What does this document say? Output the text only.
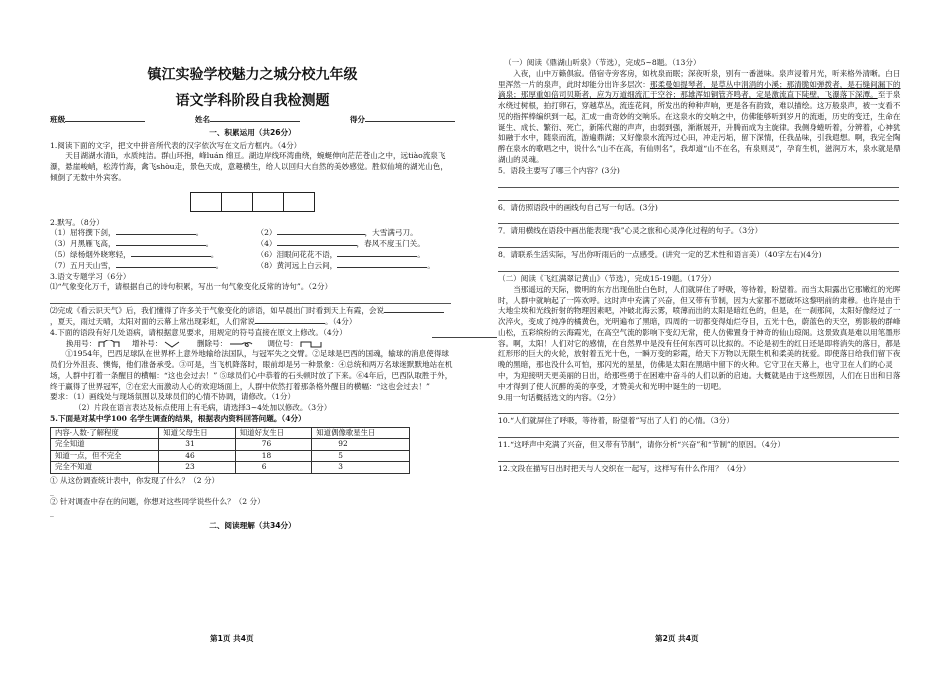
镇江实验学校魅力之城分校九年级
语文学科阶段自我检测题
班级	姓名	得分
一、积累运用（共26分）

1.阅读下面的文字，把文中拼音所代表的汉字依次写在文后方框内。（4分）

天目湖湖水清lì，水质纯洁。群山环抱，峰luán 绵亘。湖边岸线环湾曲绕，蜿蜒伸向茫茫苍山之中，远tiào流泉飞瀑，悬崖峻峭，松涛竹海，禽飞shòu走，景色天成，意趣横生，给人以回归大自然的美妙感觉。胜似仙境的湖光山色，倾倒了无数中外宾客。

2.默写。（8分）

（1）屈将撰下剑，	。	（2）	，大雪满弓刀。
（3）月黑雁飞高，	。	（4）	，春风不度玉门关。
（5）绿杨烟外晓寒轻，	。	（6）泪眼问花花不语，	。
（7）五月天山雪，	。	（8）黄河远上白云间，	。

3.语文专题学习（6分）

⑴“气象变化万千，请根据自己的诗句积累，写出一句气象变化反常的诗句”。（2分）

⑵完成《看云识天气》后，我们懂得了许多关于气象变化的谚语，如早晨出门时看到天上有霞，会说

，夏天，雨过天晴，太阳对面的云幕上常出现彩虹，人们常说	。（4分）

4.下面的语段有好几处语病，请根据意见要求，用规定的符号直接在原文上修改。（4分）

换用号：	增补号：	删除号：	调位号：

①1954年，巴西足球队在世界杯上意外地输给法国队，与冠军失之交臂。②足球是巴西的国魂，输球的消息使得球员们分外沮丧、懊悔，他们准备承受。③可是，当飞机降落时，眼前却是另一种景象：④总统和两万名球迷默默地站在机场，人群中打着一条醒目的横幅：“这也会过去！” ⑤球员们心中恭着的石头顿时放了下来。⑥4年后，巴西队取胜于外，终于赢得了世界冠军，⑦在宏大而激动人心的欢迎场面上，人群中依然打着那条格外醒目的横幅：“这也会过去！”

要求：（1）画线处与现场氛围以及球员们的心情不协调，请修改。（1分）

（2）片段在语言表达及标点使用上有毛病，请选择3~4处加以修改。（3分）

5.下面是对某中学100 名学生调查的结果，根据表内资料回答问题。（4分）

内容·人数·了解程度	知道父母生日	知道好友生日	知道偶像歌星生日
完全知道	31	76	92
知道一点，但不完全	46	18	5
完全不知道	23	6	3

① 从这份调查统计表中，你发现了什么？（2 分）

_

② 针对调查中存在的问题，你想对这些同学说些什么？（2 分）

_

二、阅读理解（共34分）
第1页 共4页

（一）阅读《鼎湖山听泉》（节选），完成5~8题。（13分）

入夜，山中万籁俱寂。借宿寺旁客房，如枕泉而眠；深夜听泉，别有一番滋味。泉声浸着月光，听来格外清晰。白日里浑然一片的泉声，此时却能分出许多层次：那柔曼如提琴者，是草丛中涓涓的小溪；那清脆如弹拨者，是石缝间漏下的滴泉；那厚重如倍司贝斯者，应为万道细流汇于空谷；那雄浑如铜管齐鸣者，定是激流直下陡壁，飞瀑落下深潭。至于泉水绕过树根，拍打卵石，穿越草丛，流连花间，所发出的种种声响，更是各有韵致，难以描绘。这万般泉声，被一支看不见的指挥棒编织到一起，汇成一曲奇妙的交响乐。在这泉水的交响之中，仿佛能够听到岁月的流逝，历史的变迁，生命在诞生、成长、繁衍、死亡，新陈代谢的声声，由弱到强，渐渐展开，升腾而成为主旋律。我侧身蜷听着，分辨着，心神犹如融于水中，随泉而流，游遍鼎湖；又好像泉水流泻过心田，冲走污垢，留下深情，任我品味，引我遐想。啊，我完全陶醉在泉水的歌唱之中，说什么“山不在高，有仙则名”，我却道“山不在名，有泉则灵”，孕育生机，滋润万木，泉水就是鼎湖山的灵魂。

5．语段主要写了哪三个内容？(3分)

6．请仿照语段中的画线句自己写一句话。(3分)

7．请用横线在语段中画出能表现“我”心灵之旅和心灵净化过程的句子。（3分）

8．请联系生活实际，写出你听雨后的一点感受。(讲究一定的艺术性和语言美）（40字左右)(4分)

（二）阅读《飞红满翠记黄山》（节选），完成15-19题。（17分）

当那遥远的天际，微明的东方出现鱼肚白色时，人们就屏住了呼吸，等待着，盼望着。而当太阳露出它那嫩红的光晖时，人群中就响起了一阵欢呼。这时声中充满了兴奋，但又带有节制，因为大家都不愿破坏这黎明前的肃穆。也许是由于大地尘埃和光线折射的物理因素吧，冲破北海云雾，喷薄而出的太阳是暗红色的，但是，在一刹那间，太阳好像经过了一次淬火，变成了纯净的橘黄色，光明遍布了黑暗，四周的一切都变得灿烂夺目，五光十色，蔚蓝色的天空，剪影般的群峰山松，五彩缤纷的云海霞光，在高空气流的影响下变幻无常，使人仿佛置身于神奇的仙山琼阁。这景致真是难以用笔墨形容。啊，太阳！人们对它的感情，在自然界中是没有任何东西可以比拟的。不论是初生的红日还是即将消失的落日，都是红形形的巨大的火轮，放射着五光十色，一瞬万变的彩霞，给天下万物以无限生机和柔美的抚爱。即使落日给我们留下夜晚的黑暗，那也没什么可怕，那闪光的星星，仿佛是太阳在黑暗中留下的火种。它守卫在天幕上，也守卫在人们的心灵中，为迎接明天更美丽的日出，给那些勇于在困难中奋斗的人们以新的启迪。大概就是由于这些原因，人们在日出和日落中才得到了使人沉醉的美的享受，才赞美火和光明中诞生的一切吧。

9.用一句话概括选文的内容。（2分）

10.“人们就屏住了呼吸，等待着，盼望着”写出了人们 的心情。（3分）

11.“这呼声中充满了兴奋，但又带有节制”，请你分析“兴奋”和“节制”的原因。（4分）

12.文段在描写日出时把天与人交织在一起写，这样写有什么作用？（4分）

第2页 共4页
